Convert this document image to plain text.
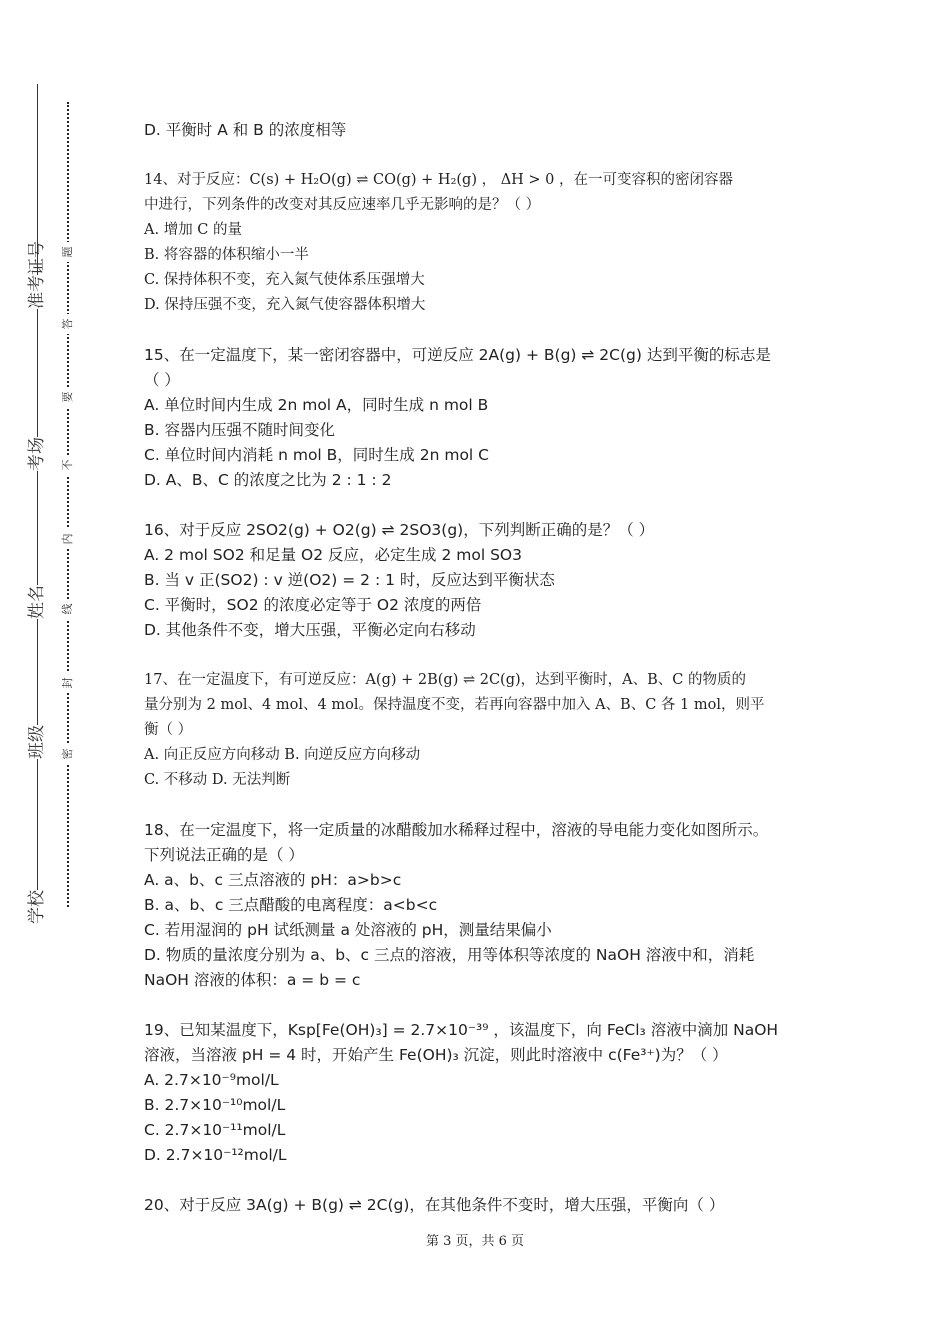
准考证号
考场
姓名
班级
学校
题
答
要
不
内
线
封
密
D. 平衡时 A 和 B 的浓度相等
14、对于反应：C(s) + H₂O(g) ⇌ CO(g) + H₂(g) ， ΔH > 0 ，在一可变容积的密闭容器
中进行，下列条件的改变对其反应速率几乎无影响的是？（ ）
A. 增加 C 的量
B. 将容器的体积缩小一半
C. 保持体积不变，充入氮气使体系压强增大
D. 保持压强不变，充入氮气使容器体积增大
15、在一定温度下，某一密闭容器中，可逆反应 2A(g) + B(g) ⇌ 2C(g) 达到平衡的标志是
（ ）
A. 单位时间内生成 2n mol A，同时生成 n mol B
B. 容器内压强不随时间变化
C. 单位时间内消耗 n mol B，同时生成 2n mol C
D. A、B、C 的浓度之比为 2 : 1 : 2
16、对于反应 2SO2(g) + O2(g) ⇌ 2SO3(g)，下列判断正确的是？（ ）
A. 2 mol SO2 和足量 O2 反应，必定生成 2 mol SO3
B. 当 v 正(SO2) : v 逆(O2) = 2 : 1 时，反应达到平衡状态
C. 平衡时，SO2 的浓度必定等于 O2 浓度的两倍
D. 其他条件不变，增大压强，平衡必定向右移动
17、在一定温度下，有可逆反应：A(g) + 2B(g) ⇌ 2C(g)，达到平衡时，A、B、C 的物质的
量分别为 2 mol、4 mol、4 mol。保持温度不变，若再向容器中加入 A、B、C 各 1 mol，则平
衡（ ）
A. 向正反应方向移动 B. 向逆反应方向移动
C. 不移动 D. 无法判断
18、在一定温度下，将一定质量的冰醋酸加水稀释过程中，溶液的导电能力变化如图所示。
下列说法正确的是（ ）
A. a、b、c 三点溶液的 pH：a>b>c
B. a、b、c 三点醋酸的电离程度：a<b<c
C. 若用湿润的 pH 试纸测量 a 处溶液的 pH，测量结果偏小
D. 物质的量浓度分别为 a、b、c 三点的溶液，用等体积等浓度的 NaOH 溶液中和，消耗
NaOH 溶液的体积：a = b = c
19、已知某温度下，Ksp[Fe(OH)₃] = 2.7×10⁻³⁹ ，该温度下，向 FeCl₃ 溶液中滴加 NaOH
溶液，当溶液 pH = 4 时，开始产生 Fe(OH)₃ 沉淀，则此时溶液中 c(Fe³⁺)为？（ ）
A. 2.7×10⁻⁹mol/L
B. 2.7×10⁻¹⁰mol/L
C. 2.7×10⁻¹¹mol/L
D. 2.7×10⁻¹²mol/L
20、对于反应 3A(g) + B(g) ⇌ 2C(g)，在其他条件不变时，增大压强，平衡向（ ）
第 3 页，共 6 页
